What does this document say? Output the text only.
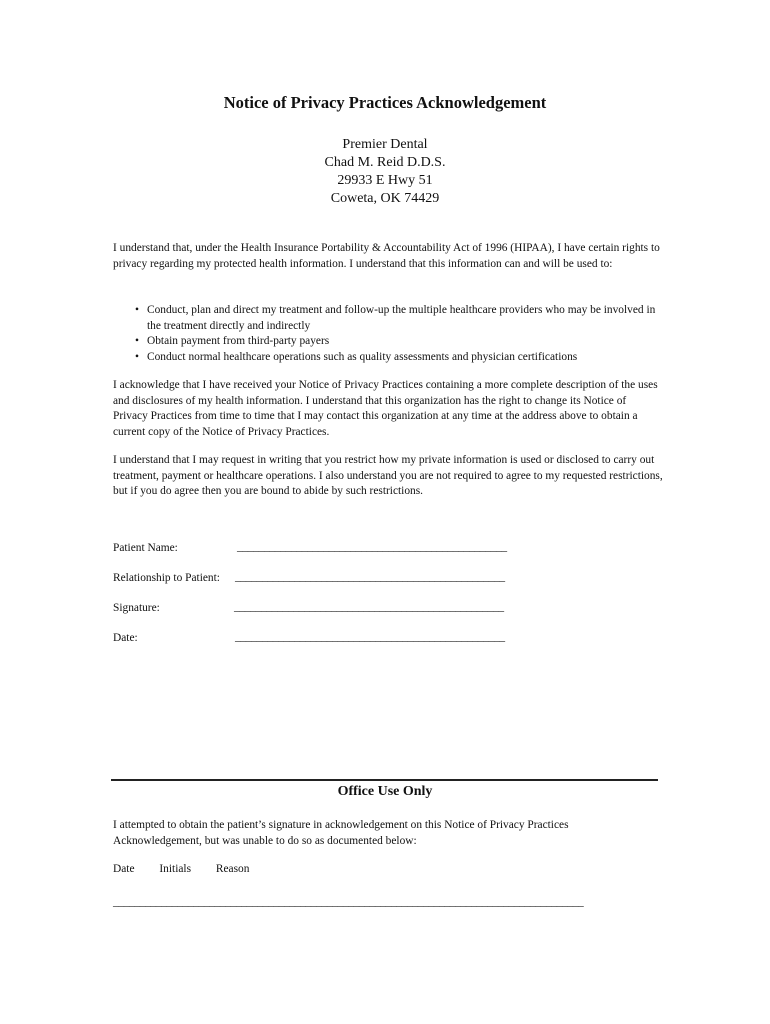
Notice of Privacy Practices Acknowledgement
Premier Dental
Chad M. Reid D.D.S.
29933 E Hwy 51
Coweta, OK 74429
I understand that, under the Health Insurance Portability & Accountability Act of 1996 (HIPAA), I have certain rights to privacy regarding my protected health information. I understand that this information can and will be used to:
• Conduct, plan and direct my treatment and follow-up the multiple healthcare providers who may be involved in the treatment directly and indirectly
• Obtain payment from third-party payers
• Conduct normal healthcare operations such as quality assessments and physician certifications
I acknowledge that I have received your Notice of Privacy Practices containing a more complete description of the uses and disclosures of my health information. I understand that this organization has the right to change its Notice of Privacy Practices from time to time that I may contact this organization at any time at the address above to obtain a current copy of the Notice of Privacy Practices.
I understand that I may request in writing that you restrict how my private information is used or disclosed to carry out treatment, payment or healthcare operations. I also understand you are not required to agree to my requested restrictions, but if you do agree then you are bound to abide by such restrictions.
Patient Name:	__________________________________________________
Relationship to Patient: __________________________________________________
Signature:	__________________________________________________
Date:	__________________________________________________
Office Use Only
I attempted to obtain the patient’s signature in acknowledgement on this Notice of Privacy Practices Acknowledgement, but was unable to do so as documented below:
Date Initials Reason
________________________________________________________________________________________
